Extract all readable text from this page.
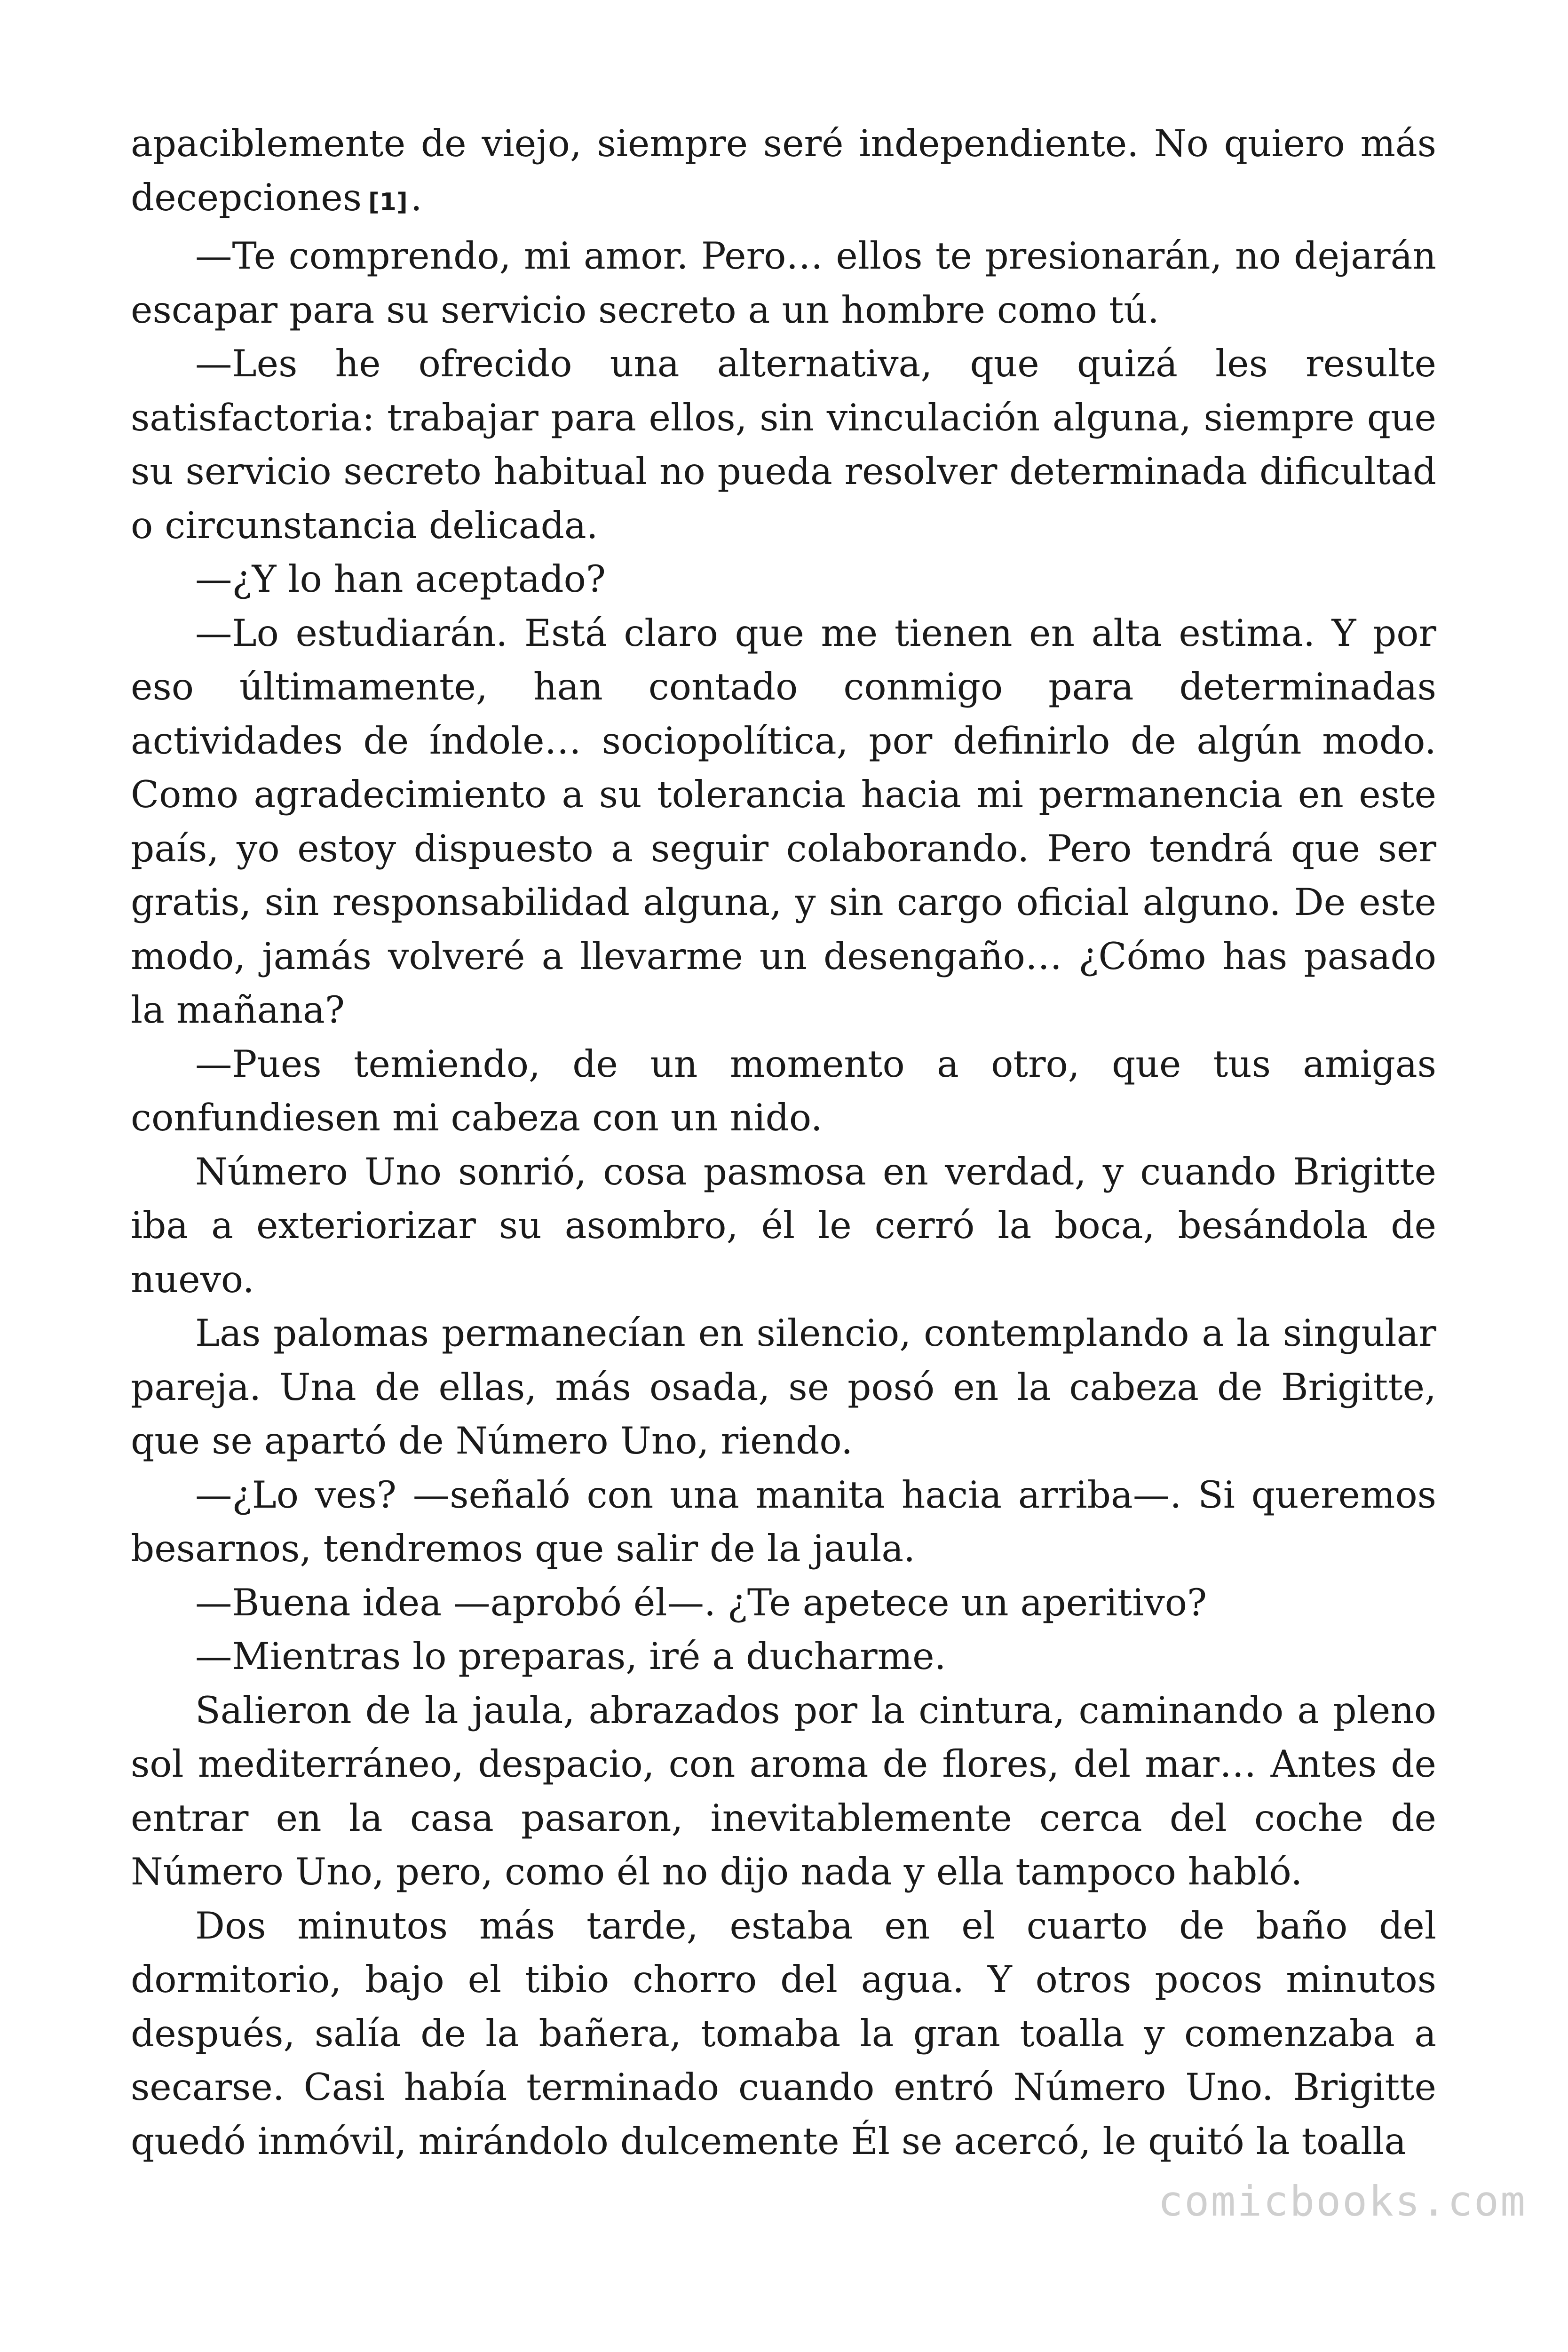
apaciblemente de viejo, siempre seré independiente. No quiero más decepciones [1].

—Te comprendo, mi amor. Pero… ellos te presionarán, no dejarán escapar para su servicio secreto a un hombre como tú.

—Les he ofrecido una alternativa, que quizá les resulte satisfactoria: trabajar para ellos, sin vinculación alguna, siempre que su servicio secreto habitual no pueda resolver determinada dificultad o circunstancia delicada.

—¿Y lo han aceptado?

—Lo estudiarán. Está claro que me tienen en alta estima. Y por eso últimamente, han contado conmigo para determinadas actividades de índole… sociopolítica, por definirlo de algún modo. Como agradecimiento a su tolerancia hacia mi permanencia en este país, yo estoy dispuesto a seguir colaborando. Pero tendrá que ser gratis, sin responsabilidad alguna, y sin cargo oficial alguno. De este modo, jamás volveré a llevarme un desengaño… ¿Cómo has pasado la mañana?

—Pues temiendo, de un momento a otro, que tus amigas confundiesen mi cabeza con un nido.

Número Uno sonrió, cosa pasmosa en verdad, y cuando Brigitte iba a exteriorizar su asombro, él le cerró la boca, besándola de nuevo.

Las palomas permanecían en silencio, contemplando a la singular pareja. Una de ellas, más osada, se posó en la cabeza de Brigitte, que se apartó de Número Uno, riendo.

—¿Lo ves? —señaló con una manita hacia arriba—. Si queremos besarnos, tendremos que salir de la jaula.

—Buena idea —aprobó él—. ¿Te apetece un aperitivo?

—Mientras lo preparas, iré a ducharme.

Salieron de la jaula, abrazados por la cintura, caminando a pleno sol mediterráneo, despacio, con aroma de flores, del mar… Antes de entrar en la casa pasaron, inevitablemente cerca del coche de Número Uno, pero, como él no dijo nada y ella tampoco habló.

Dos minutos más tarde, estaba en el cuarto de baño del dormitorio, bajo el tibio chorro del agua. Y otros pocos minutos después, salía de la bañera, tomaba la gran toalla y comenzaba a secarse. Casi había terminado cuando entró Número Uno. Brigitte quedó inmóvil, mirándolo dulcemente Él se acercó, le quitó la toalla

comicbooks.com
